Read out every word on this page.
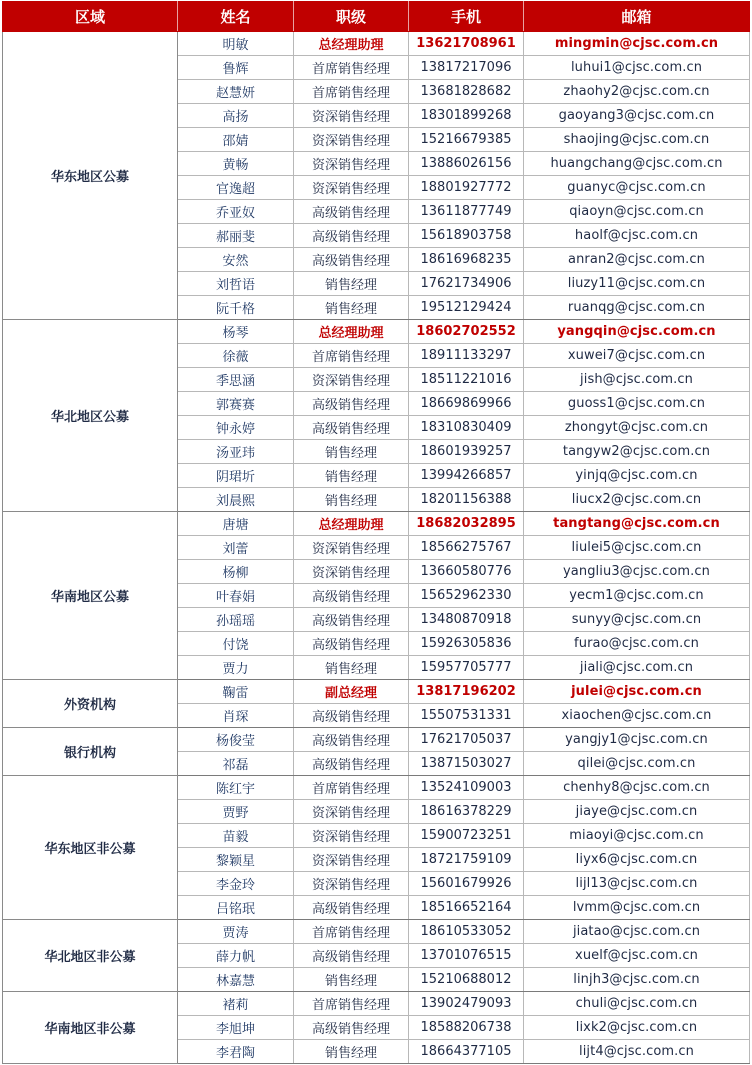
区域	姓名	职级	手机	邮箱
华东地区公募	明敏	总经理助理	13621708961	mingmin@cjsc.com.cn
	鲁辉	首席销售经理	13817217096	luhui1@cjsc.com.cn
	赵慧妍	首席销售经理	13681828682	zhaohy2@cjsc.com.cn
	高扬	资深销售经理	18301899268	gaoyang3@cjsc.com.cn
	邵婧	资深销售经理	15216679385	shaojing@cjsc.com.cn
	黄畅	资深销售经理	13886026156	huangchang@cjsc.com.cn
	官逸超	资深销售经理	18801927772	guanyc@cjsc.com.cn
	乔亚奴	高级销售经理	13611877749	qiaoyn@cjsc.com.cn
	郝丽斐	高级销售经理	15618903758	haolf@cjsc.com.cn
	安然	高级销售经理	18616968235	anran2@cjsc.com.cn
	刘哲语	销售经理	17621734906	liuzy11@cjsc.com.cn
	阮千格	销售经理	19512129424	ruanqg@cjsc.com.cn
华北地区公募	杨琴	总经理助理	18602702552	yangqin@cjsc.com.cn
	徐薇	首席销售经理	18911133297	xuwei7@cjsc.com.cn
	季思涵	资深销售经理	18511221016	jish@cjsc.com.cn
	郭赛赛	高级销售经理	18669869966	guoss1@cjsc.com.cn
	钟永婷	高级销售经理	18310830409	zhongyt@cjsc.com.cn
	汤亚玮	销售经理	18601939257	tangyw2@cjsc.com.cn
	阴珺圻	销售经理	13994266857	yinjq@cjsc.com.cn
	刘晨熙	销售经理	18201156388	liucx2@cjsc.com.cn
华南地区公募	唐塘	总经理助理	18682032895	tangtang@cjsc.com.cn
	刘蕾	资深销售经理	18566275767	liulei5@cjsc.com.cn
	杨柳	资深销售经理	13660580776	yangliu3@cjsc.com.cn
	叶春娟	高级销售经理	15652962330	yecm1@cjsc.com.cn
	孙瑶瑶	高级销售经理	13480870918	sunyy@cjsc.com.cn
	付饶	高级销售经理	15926305836	furao@cjsc.com.cn
	贾力	销售经理	15957705777	jiali@cjsc.com.cn
外资机构	鞠雷	副总经理	13817196202	julei@cjsc.com.cn
	肖琛	高级销售经理	15507531331	xiaochen@cjsc.com.cn
银行机构	杨俊莹	高级销售经理	17621705037	yangjy1@cjsc.com.cn
	祁磊	高级销售经理	13871503027	qilei@cjsc.com.cn
华东地区非公募	陈红宇	首席销售经理	13524109003	chenhy8@cjsc.com.cn
	贾野	资深销售经理	18616378229	jiaye@cjsc.com.cn
	苗毅	资深销售经理	15900723251	miaoyi@cjsc.com.cn
	黎颖星	资深销售经理	18721759109	liyx6@cjsc.com.cn
	李金玲	资深销售经理	15601679926	lijl13@cjsc.com.cn
	吕铭珉	高级销售经理	18516652164	lvmm@cjsc.com.cn
华北地区非公募	贾涛	首席销售经理	18610533052	jiatao@cjsc.com.cn
	薛力帆	高级销售经理	13701076515	xuelf@cjsc.com.cn
	林嘉慧	销售经理	15210688012	linjh3@cjsc.com.cn
华南地区非公募	褚莉	首席销售经理	13902479093	chuli@cjsc.com.cn
	李旭坤	高级销售经理	18588206738	lixk2@cjsc.com.cn
	李君陶	销售经理	18664377105	lijt4@cjsc.com.cn
